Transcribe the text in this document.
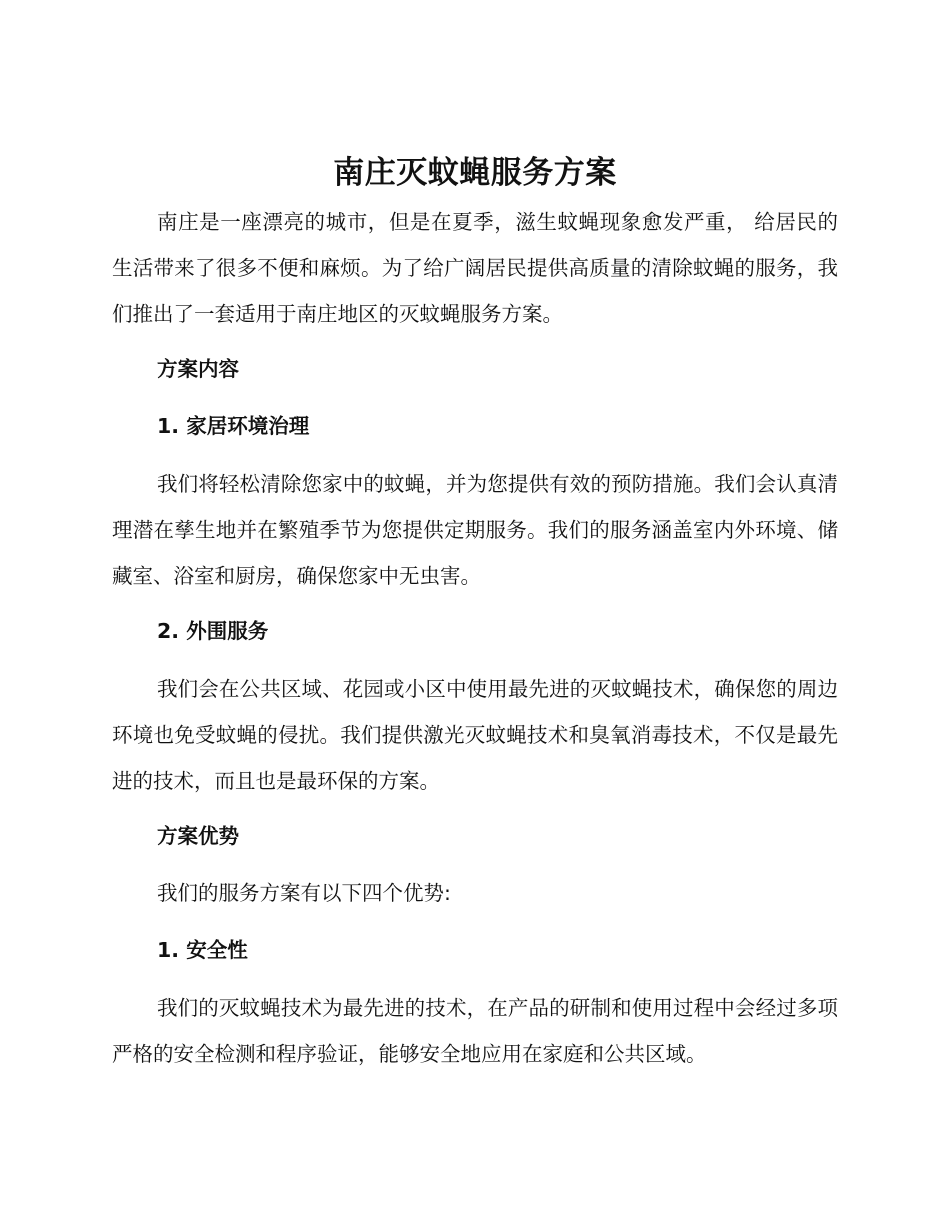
南庄灭蚊蝇服务方案

南庄是一座漂亮的城市，但是在夏季，滋生蚊蝇现象愈发严重， 给居民的生活带来了很多不便和麻烦。为了给广阔居民提供高质量的清除蚊蝇的服务，我们推出了一套适用于南庄地区的灭蚊蝇服务方案。

方案内容

1. 家居环境治理

我们将轻松清除您家中的蚊蝇，并为您提供有效的预防措施。我们会认真清理潜在孳生地并在繁殖季节为您提供定期服务。我们的服务涵盖室内外环境、储藏室、浴室和厨房，确保您家中无虫害。

2. 外围服务

我们会在公共区域、花园或小区中使用最先进的灭蚊蝇技术，确保您的周边环境也免受蚊蝇的侵扰。我们提供激光灭蚊蝇技术和臭氧消毒技术，不仅是最先进的技术，而且也是最环保的方案。

方案优势

我们的服务方案有以下四个优势:

1. 安全性

我们的灭蚊蝇技术为最先进的技术，在产品的研制和使用过程中会经过多项严格的安全检测和程序验证，能够安全地应用在家庭和公共区域。
